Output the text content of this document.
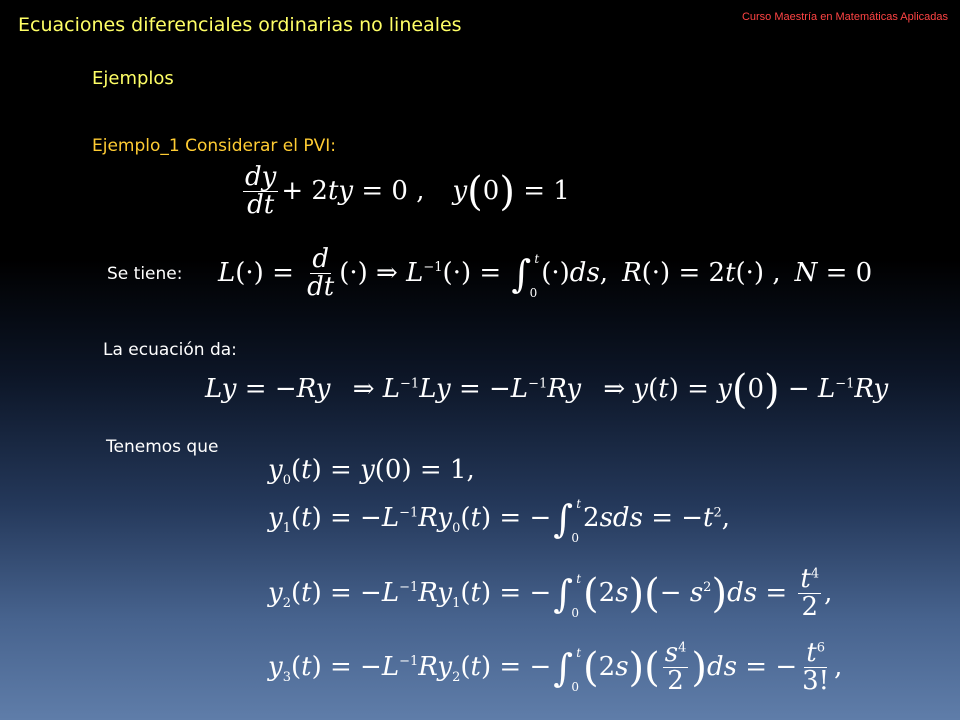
Ecuaciones diferenciales ordinarias no lineales	Curso Maestría en Matemáticas Aplicadas
Ejemplos
Ejemplo_1 Considerar el PVI:
$\frac{dy}{dt} + 2ty = 0$ , y(0) = 1
Se tiene: $L(\cdot) = \frac{d}{dt}$ (·) ⇒ $L^{-1}(\cdot)$ = ∫ t
0
(·)ds, R(·) = 2t(·) , N = 0
La ecuación da:
Ly = −Ry ⇒ $L^{-1}Ly = -L^{-1}Ry$ ⇒ $y(t) = y(0) - L^{-1}Ry$
Tenemos que
$y_0(t) = y(0) = 1$,
$y_1(t) = -L^{-1}Ry_0(t)$ = −∫ t
0
$2sds = -t^2$,
$y_2(t) = -L^{-1}Ry_1(t)$ = −∫ t
0 $(2s)(- s^2)ds = \frac{t^4}{2}$ ,
$y_3(t) = -L^{-1}Ry_2(t)$ = −∫ t
0 $(2s)( \frac{s^4}{2} )ds$ = − $\frac{t^6}{3!}$ ,
